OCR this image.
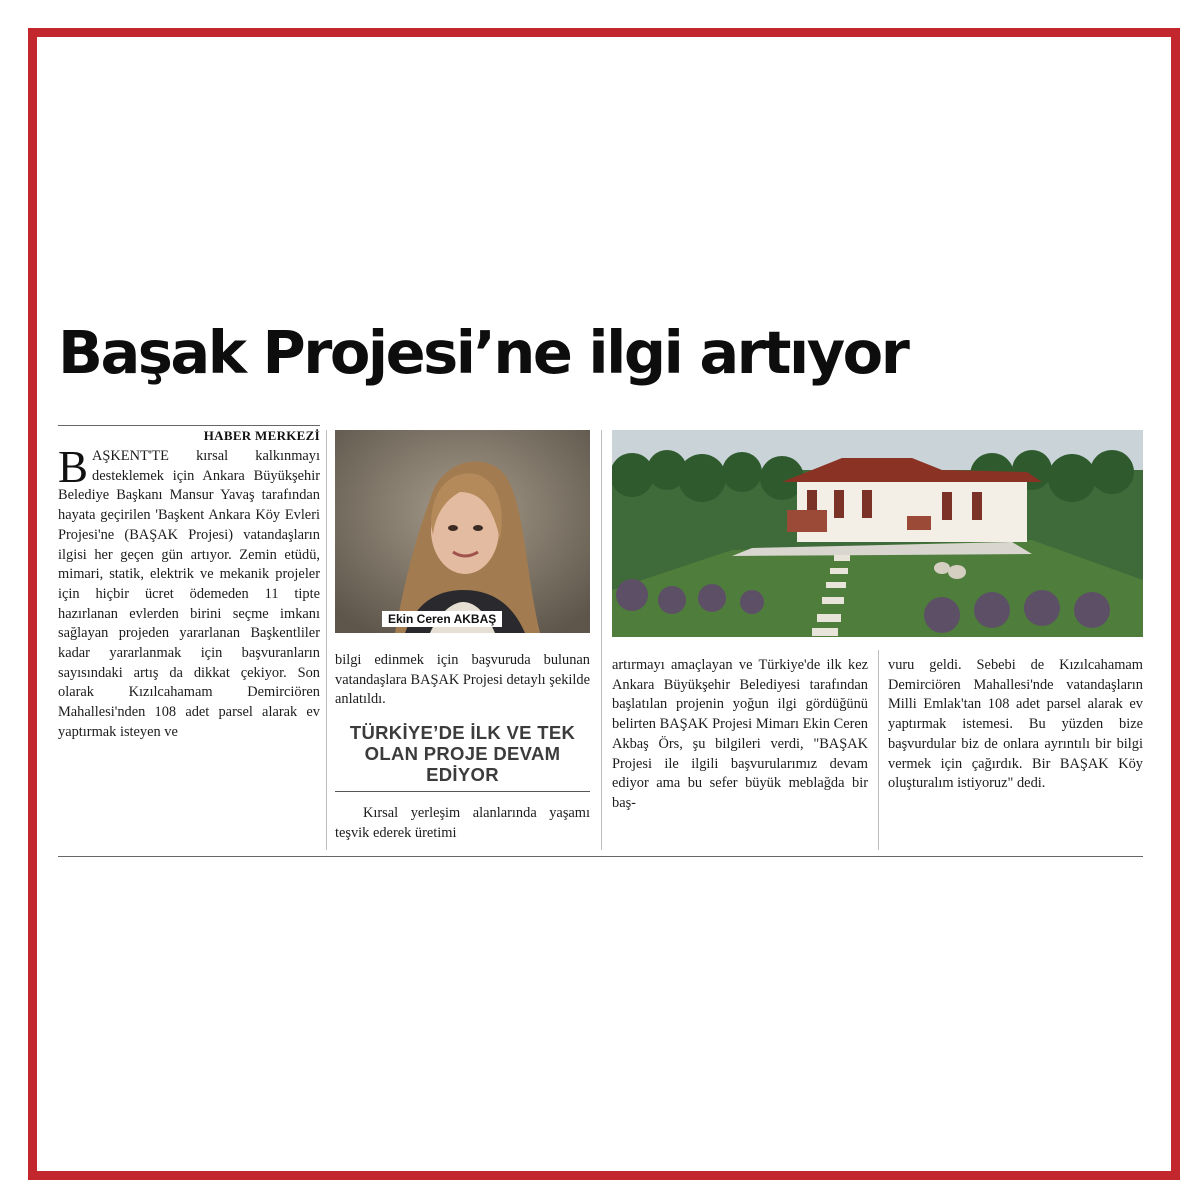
Başak Projesi’ne ilgi artıyor
HABER MERKEZİ
BAŞKENT'TE kırsal kalkınmayı desteklemek için Ankara Büyükşehir Belediye Başkanı Mansur Yavaş tarafından hayata geçirilen 'Başkent Ankara Köy Evleri Projesi'ne (BAŞAK Projesi) vatandaşların ilgisi her geçen gün artıyor. Zemin etüdü, mimari, statik, elektrik ve mekanik projeler için hiçbir ücret ödemeden 11 tipte hazırlanan evlerden birini seçme imkanı sağlayan projeden yararlanan Başkentliler kadar yararlanmak için başvuranların sayısındaki artış da dikkat çekiyor. Son olarak Kızılcahamam Demirciören Mahallesi'nden 108 adet parsel alarak ev yaptırmak isteyen ve
Ekin Ceren AKBAŞ

bilgi edinmek için başvuruda bulunan vatandaşlara BAŞAK Projesi detaylı şekilde anlatıldı.

TÜRKİYE’DE İLK VE TEK OLAN PROJE DEVAM EDİYOR

Kırsal yerleşim alanlarında yaşamı teşvik ederek üretimi

artırmayı amaçlayan ve Türkiye'de ilk kez Ankara Büyükşehir Belediyesi tarafından başlatılan projenin yoğun ilgi gördüğünü belirten BAŞAK Projesi Mimarı Ekin Ceren Akbaş Örs, şu bilgileri verdi, "BAŞAK Projesi ile ilgili başvurularımız devam ediyor ama bu sefer büyük meblağda bir baş-

vuru geldi. Sebebi de Kızılcahamam Demirciören Mahallesi'nde vatandaşların Milli Emlak'tan 108 adet parsel alarak ev yaptırmak istemesi. Bu yüzden bize başvurdular biz de onlara ayrıntılı bir bilgi vermek için çağırdık. Bir BAŞAK Köy oluşturalım istiyoruz" dedi.
